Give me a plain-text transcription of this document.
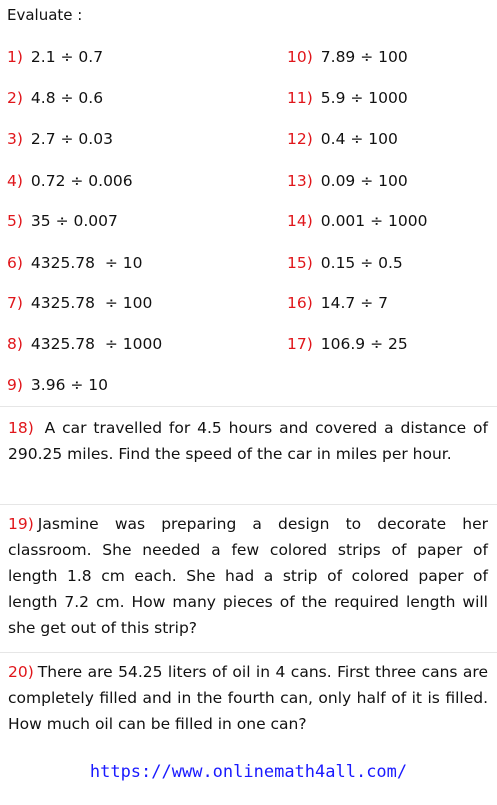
Evaluate :
1) 2.1 ÷ 0.7
2) 4.8 ÷ 0.6
3) 2.7 ÷ 0.03
4) 0.72 ÷ 0.006
5) 35 ÷ 0.007
6) 4325.78  ÷ 10
7) 4325.78  ÷ 100
8) 4325.78  ÷ 1000
9) 3.96 ÷ 10
10) 7.89 ÷ 100
11) 5.9 ÷ 1000
12) 0.4 ÷ 100
13) 0.09 ÷ 100
14) 0.001 ÷ 1000
15) 0.15 ÷ 0.5
16) 14.7 ÷ 7
17) 106.9 ÷ 25
18) A car travelled for 4.5 hours and covered a distance of 290.25 miles. Find the speed of the car in miles per hour.
19) Jasmine was preparing a design to decorate her classroom. She needed a few colored strips of paper of length 1.8 cm each. She had a strip of colored paper of length 7.2 cm. How many pieces of the required length will she get out of this strip?
20) There are 54.25 liters of oil in 4 cans. First three cans are completely filled and in the fourth can, only half of it is filled. How much oil can be filled in one can?
https://www.onlinemath4all.com/
